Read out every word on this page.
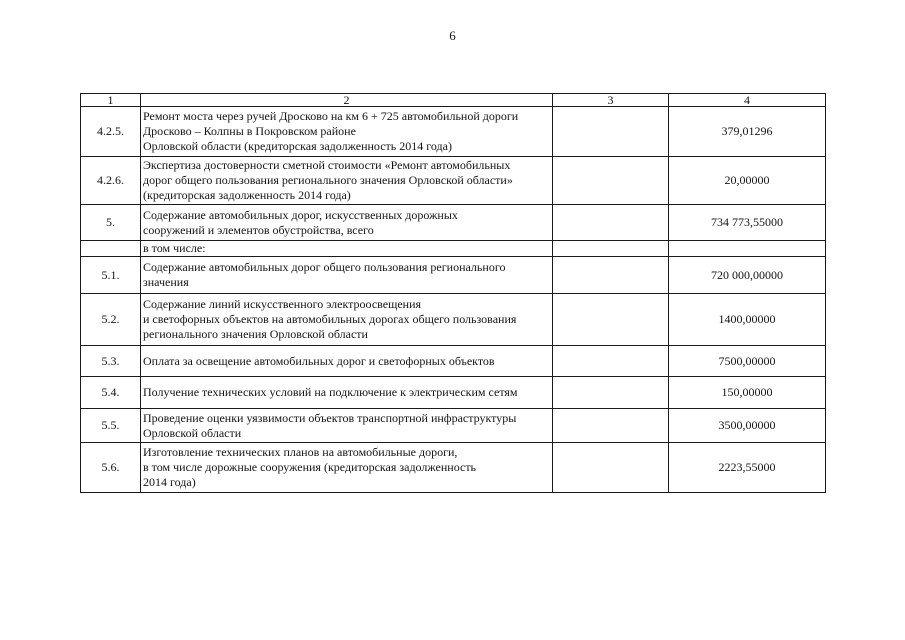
6
1	2	3	4
4.2.5.	Ремонт моста через ручей Дросково на км 6 + 725 автомобильной дороги
Дросково – Колпны в Покровском районе
Орловской области (кредиторская задолженность 2014 года)		379,01296
4.2.6.	Экспертиза достоверности сметной стоимости «Ремонт автомобильных
дорог общего пользования регионального значения Орловской области»
(кредиторская задолженность 2014 года)		20,00000
5.	Содержание автомобильных дорог, искусственных дорожных
сооружений и элементов обустройства, всего		734 773,55000

	в том числе:		

5.1.	Содержание автомобильных дорог общего пользования регионального
значения		720 000,00000
5.2.	Содержание линий искусственного электроосвещения
и светофорных объектов на автомобильных дорогах общего пользования
регионального значения Орловской области		1400,00000
5.3.	Оплата за освещение автомобильных дорог и светофорных объектов		7500,00000
5.4.	Получение технических условий на подключение к электрическим сетям		150,00000
5.5.	Проведение оценки уязвимости объектов транспортной инфраструктуры
Орловской области		3500,00000
5.6.	Изготовление технических планов на автомобильные дороги,
в том числе дорожные сооружения (кредиторская задолженность
2014 года)		2223,55000
